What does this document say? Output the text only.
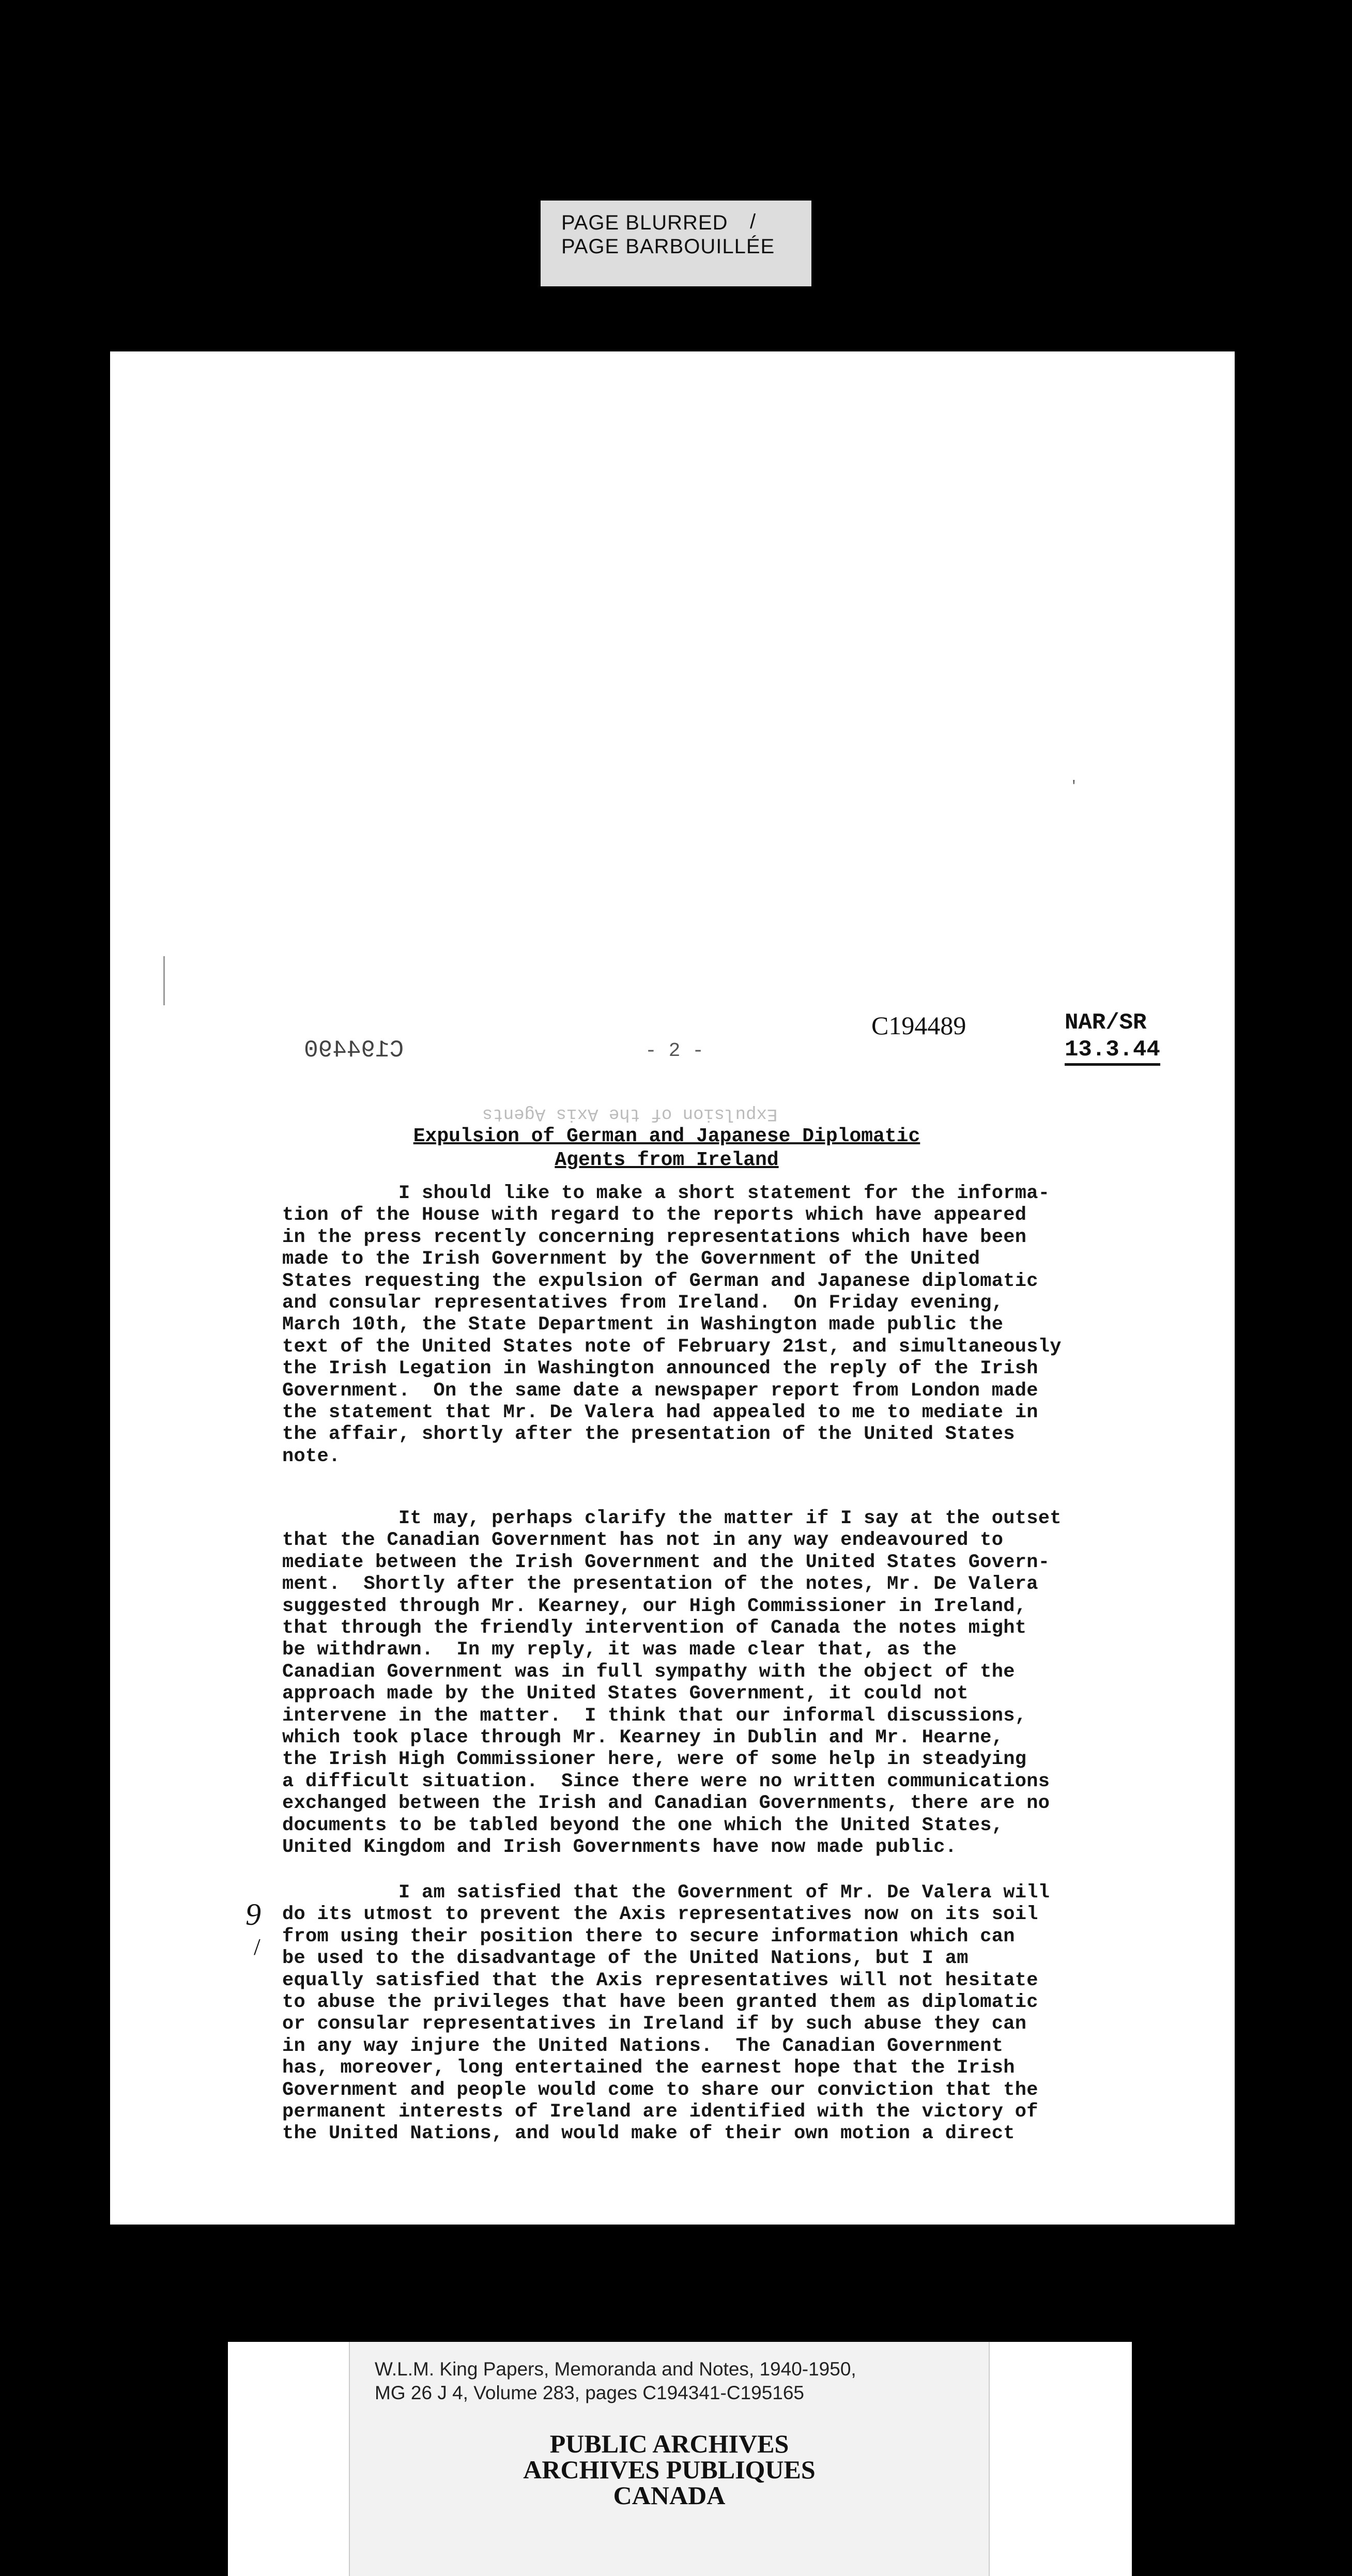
PAGE BLURRED
PAGE BARBOUILLÉE
/
'
C194490	- 2 -
C194489	NAR/SR
13.3.44
Expulsion of the Axis Agents
Expulsion of German and Japanese Diplomatic
Agents from Ireland
I should like to make a short statement for the informa-
tion of the House with regard to the reports which have appeared
in the press recently concerning representations which have been
made to the Irish Government by the Government of the United
States requesting the expulsion of German and Japanese diplomatic
and consular representatives from Ireland.  On Friday evening,
March 10th, the State Department in Washington made public the
text of the United States note of February 21st, and simultaneously
the Irish Legation in Washington announced the reply of the Irish
Government.  On the same date a newspaper report from London made
the statement that Mr. De Valera had appealed to me to mediate in
the affair, shortly after the presentation of the United States
note.
It may, perhaps clarify the matter if I say at the outset
that the Canadian Government has not in any way endeavoured to
mediate between the Irish Government and the United States Govern-
ment.  Shortly after the presentation of the notes, Mr. De Valera
suggested through Mr. Kearney, our High Commissioner in Ireland,
that through the friendly intervention of Canada the notes might
be withdrawn.  In my reply, it was made clear that, as the
Canadian Government was in full sympathy with the object of the
approach made by the United States Government, it could not
intervene in the matter.  I think that our informal discussions,
which took place through Mr. Kearney in Dublin and Mr. Hearne,
the Irish High Commissioner here, were of some help in steadying
a difficult situation.  Since there were no written communications
exchanged between the Irish and Canadian Governments, there are no
documents to be tabled beyond the one which the United States,
United Kingdom and Irish Governments have now made public.
I am satisfied that the Government of Mr. De Valera will
do its utmost to prevent the Axis representatives now on its soil
from using their position there to secure information which can
be used to the disadvantage of the United Nations, but I am
equally satisfied that the Axis representatives will not hesitate
to abuse the privileges that have been granted them as diplomatic
or consular representatives in Ireland if by such abuse they can
in any way injure the United Nations.  The Canadian Government
has, moreover, long entertained the earnest hope that the Irish
Government and people would come to share our conviction that the
permanent interests of Ireland are identified with the victory of
the United Nations, and would make of their own motion a direct
9
/
W.L.M. King Papers, Memoranda and Notes, 1940-1950,
MG 26 J 4, Volume 283, pages C194341-C195165
PUBLIC ARCHIVES
ARCHIVES PUBLIQUES
CANADA
